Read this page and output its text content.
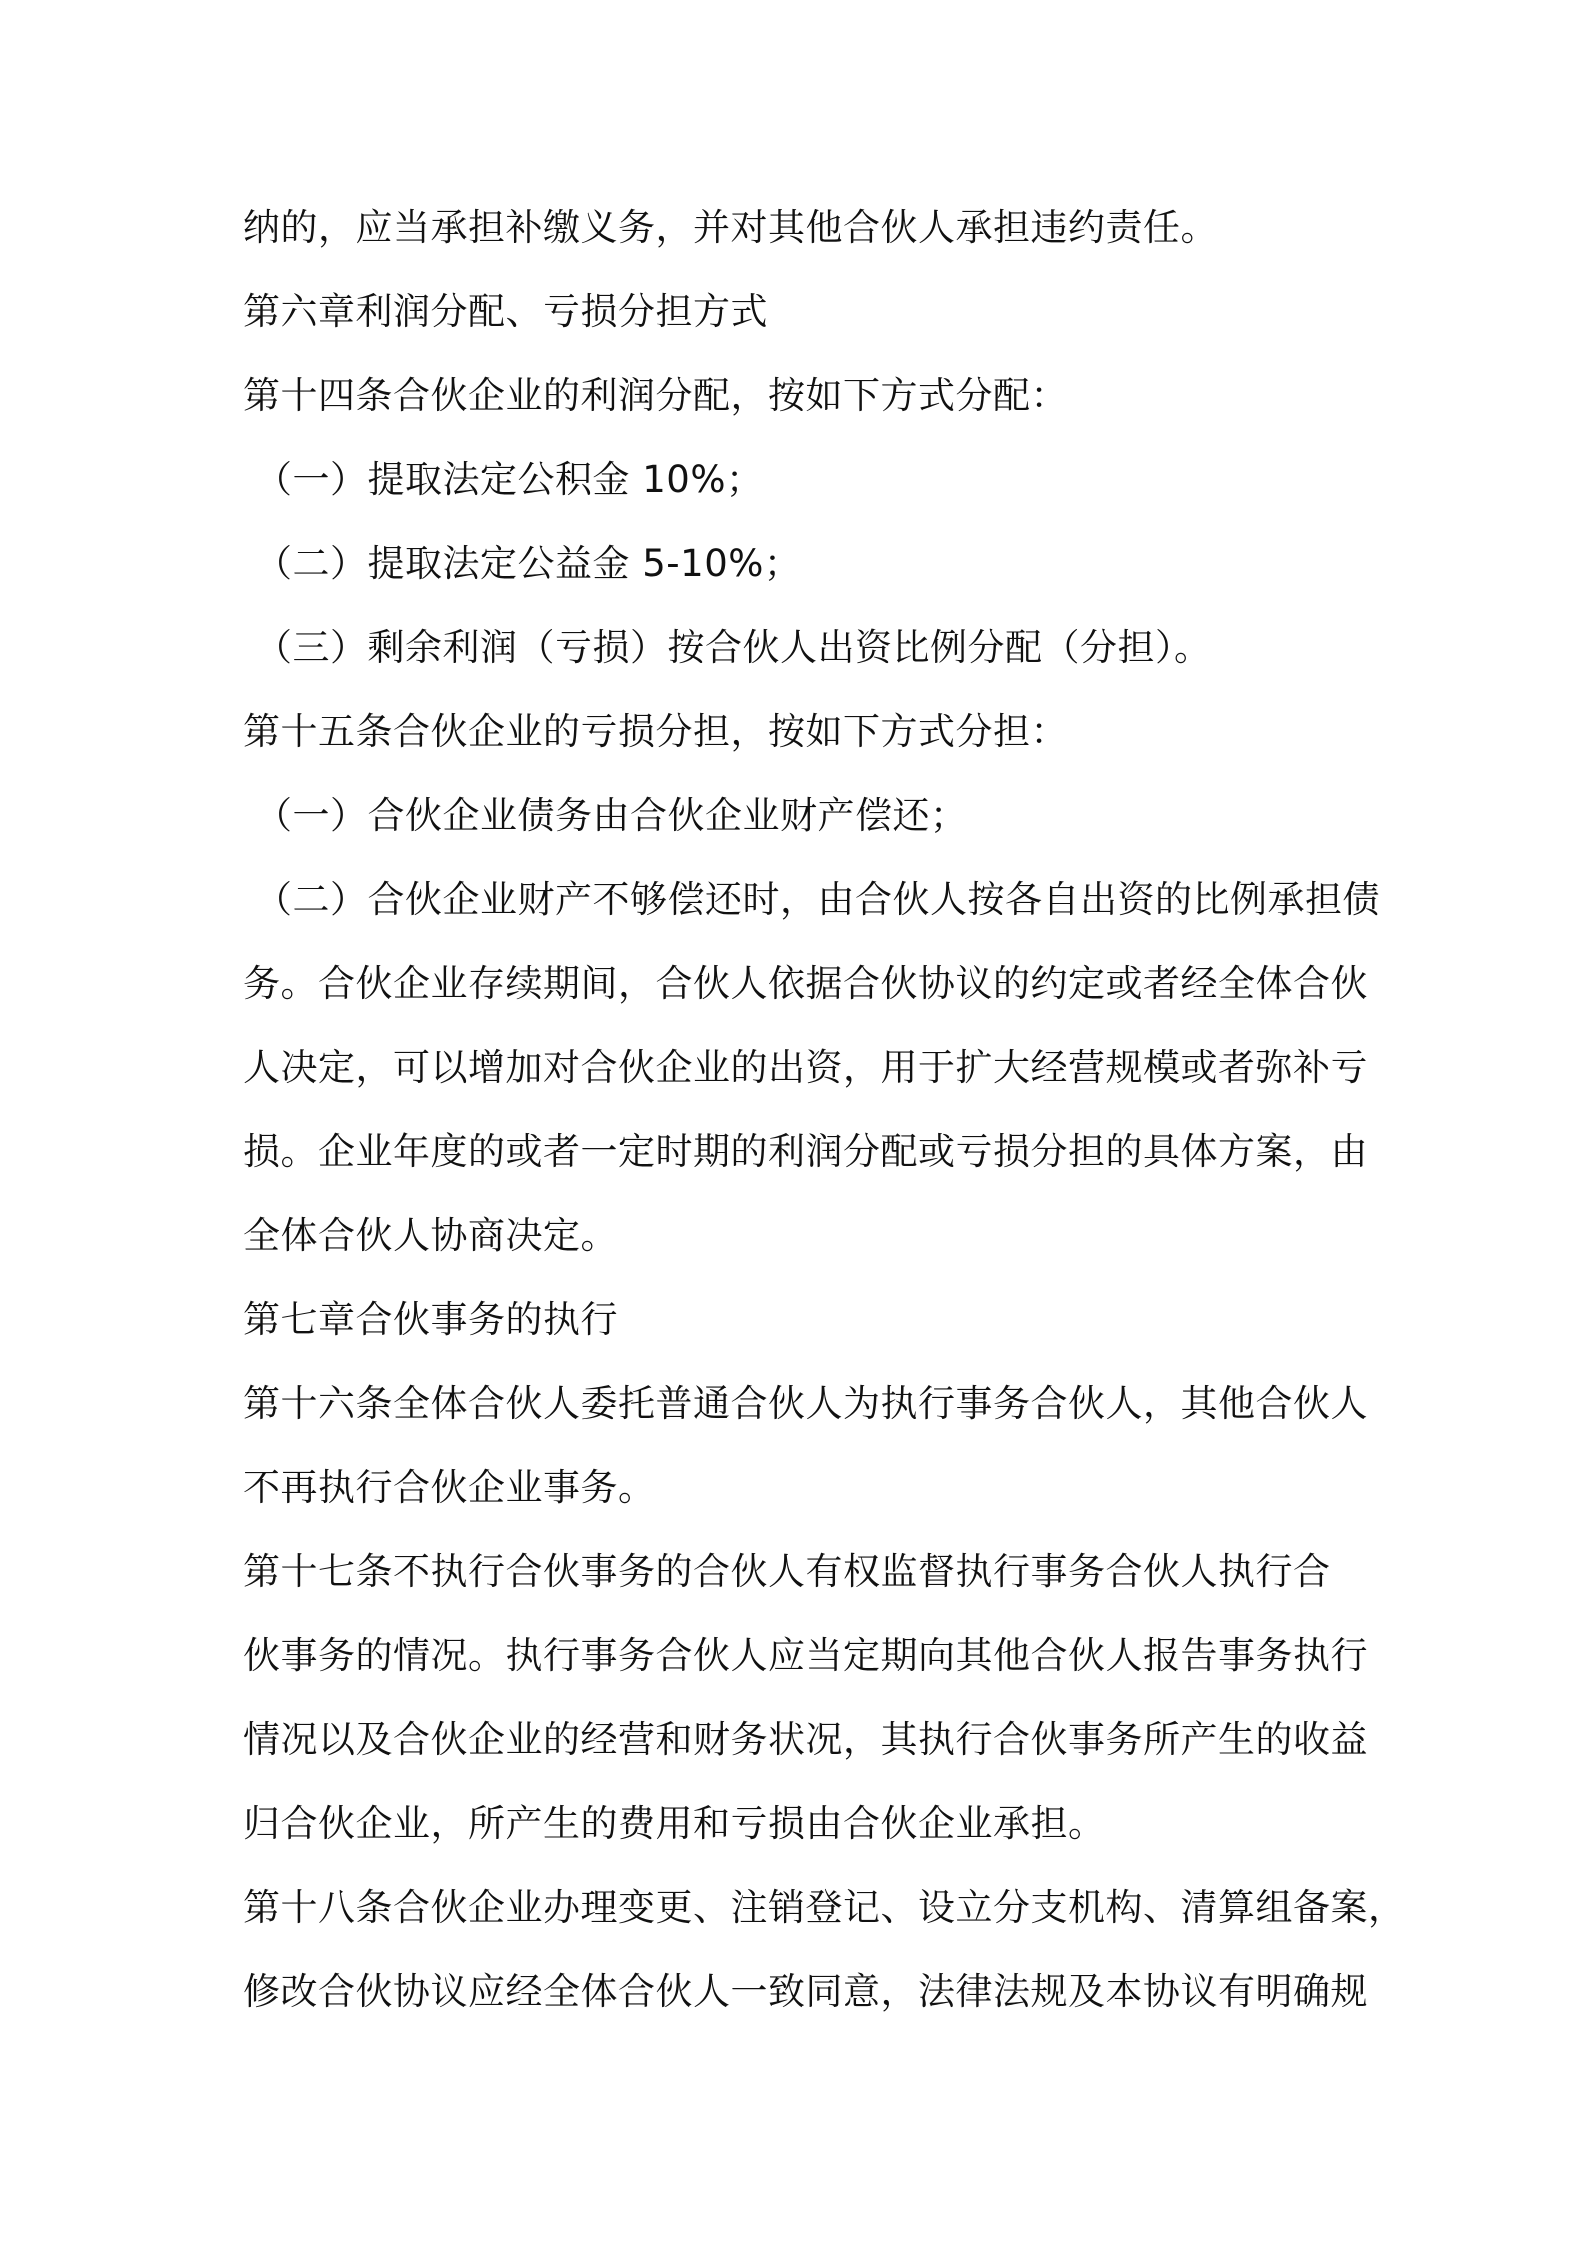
纳的，应当承担补缴义务，并对其他合伙人承担违约责任。
第六章利润分配、亏损分担方式
第十四条合伙企业的利润分配，按如下方式分配：
（一）提取法定公积金 10%；
（二）提取法定公益金 5-10%；
（三）剩余利润（亏损）按合伙人出资比例分配（分担）。
第十五条合伙企业的亏损分担，按如下方式分担：
（一）合伙企业债务由合伙企业财产偿还；
（二）合伙企业财产不够偿还时，由合伙人按各自出资的比例承担债
务。合伙企业存续期间，合伙人依据合伙协议的约定或者经全体合伙
人决定，可以增加对合伙企业的出资，用于扩大经营规模或者弥补亏
损。企业年度的或者一定时期的利润分配或亏损分担的具体方案，由
全体合伙人协商决定。
第七章合伙事务的执行
第十六条全体合伙人委托普通合伙人为执行事务合伙人，其他合伙人
不再执行合伙企业事务。
第十七条不执行合伙事务的合伙人有权监督执行事务合伙人执行合
伙事务的情况。执行事务合伙人应当定期向其他合伙人报告事务执行
情况以及合伙企业的经营和财务状况，其执行合伙事务所产生的收益
归合伙企业，所产生的费用和亏损由合伙企业承担。
第十八条合伙企业办理变更、注销登记、设立分支机构、清算组备案，
修改合伙协议应经全体合伙人一致同意，法律法规及本协议有明确规
